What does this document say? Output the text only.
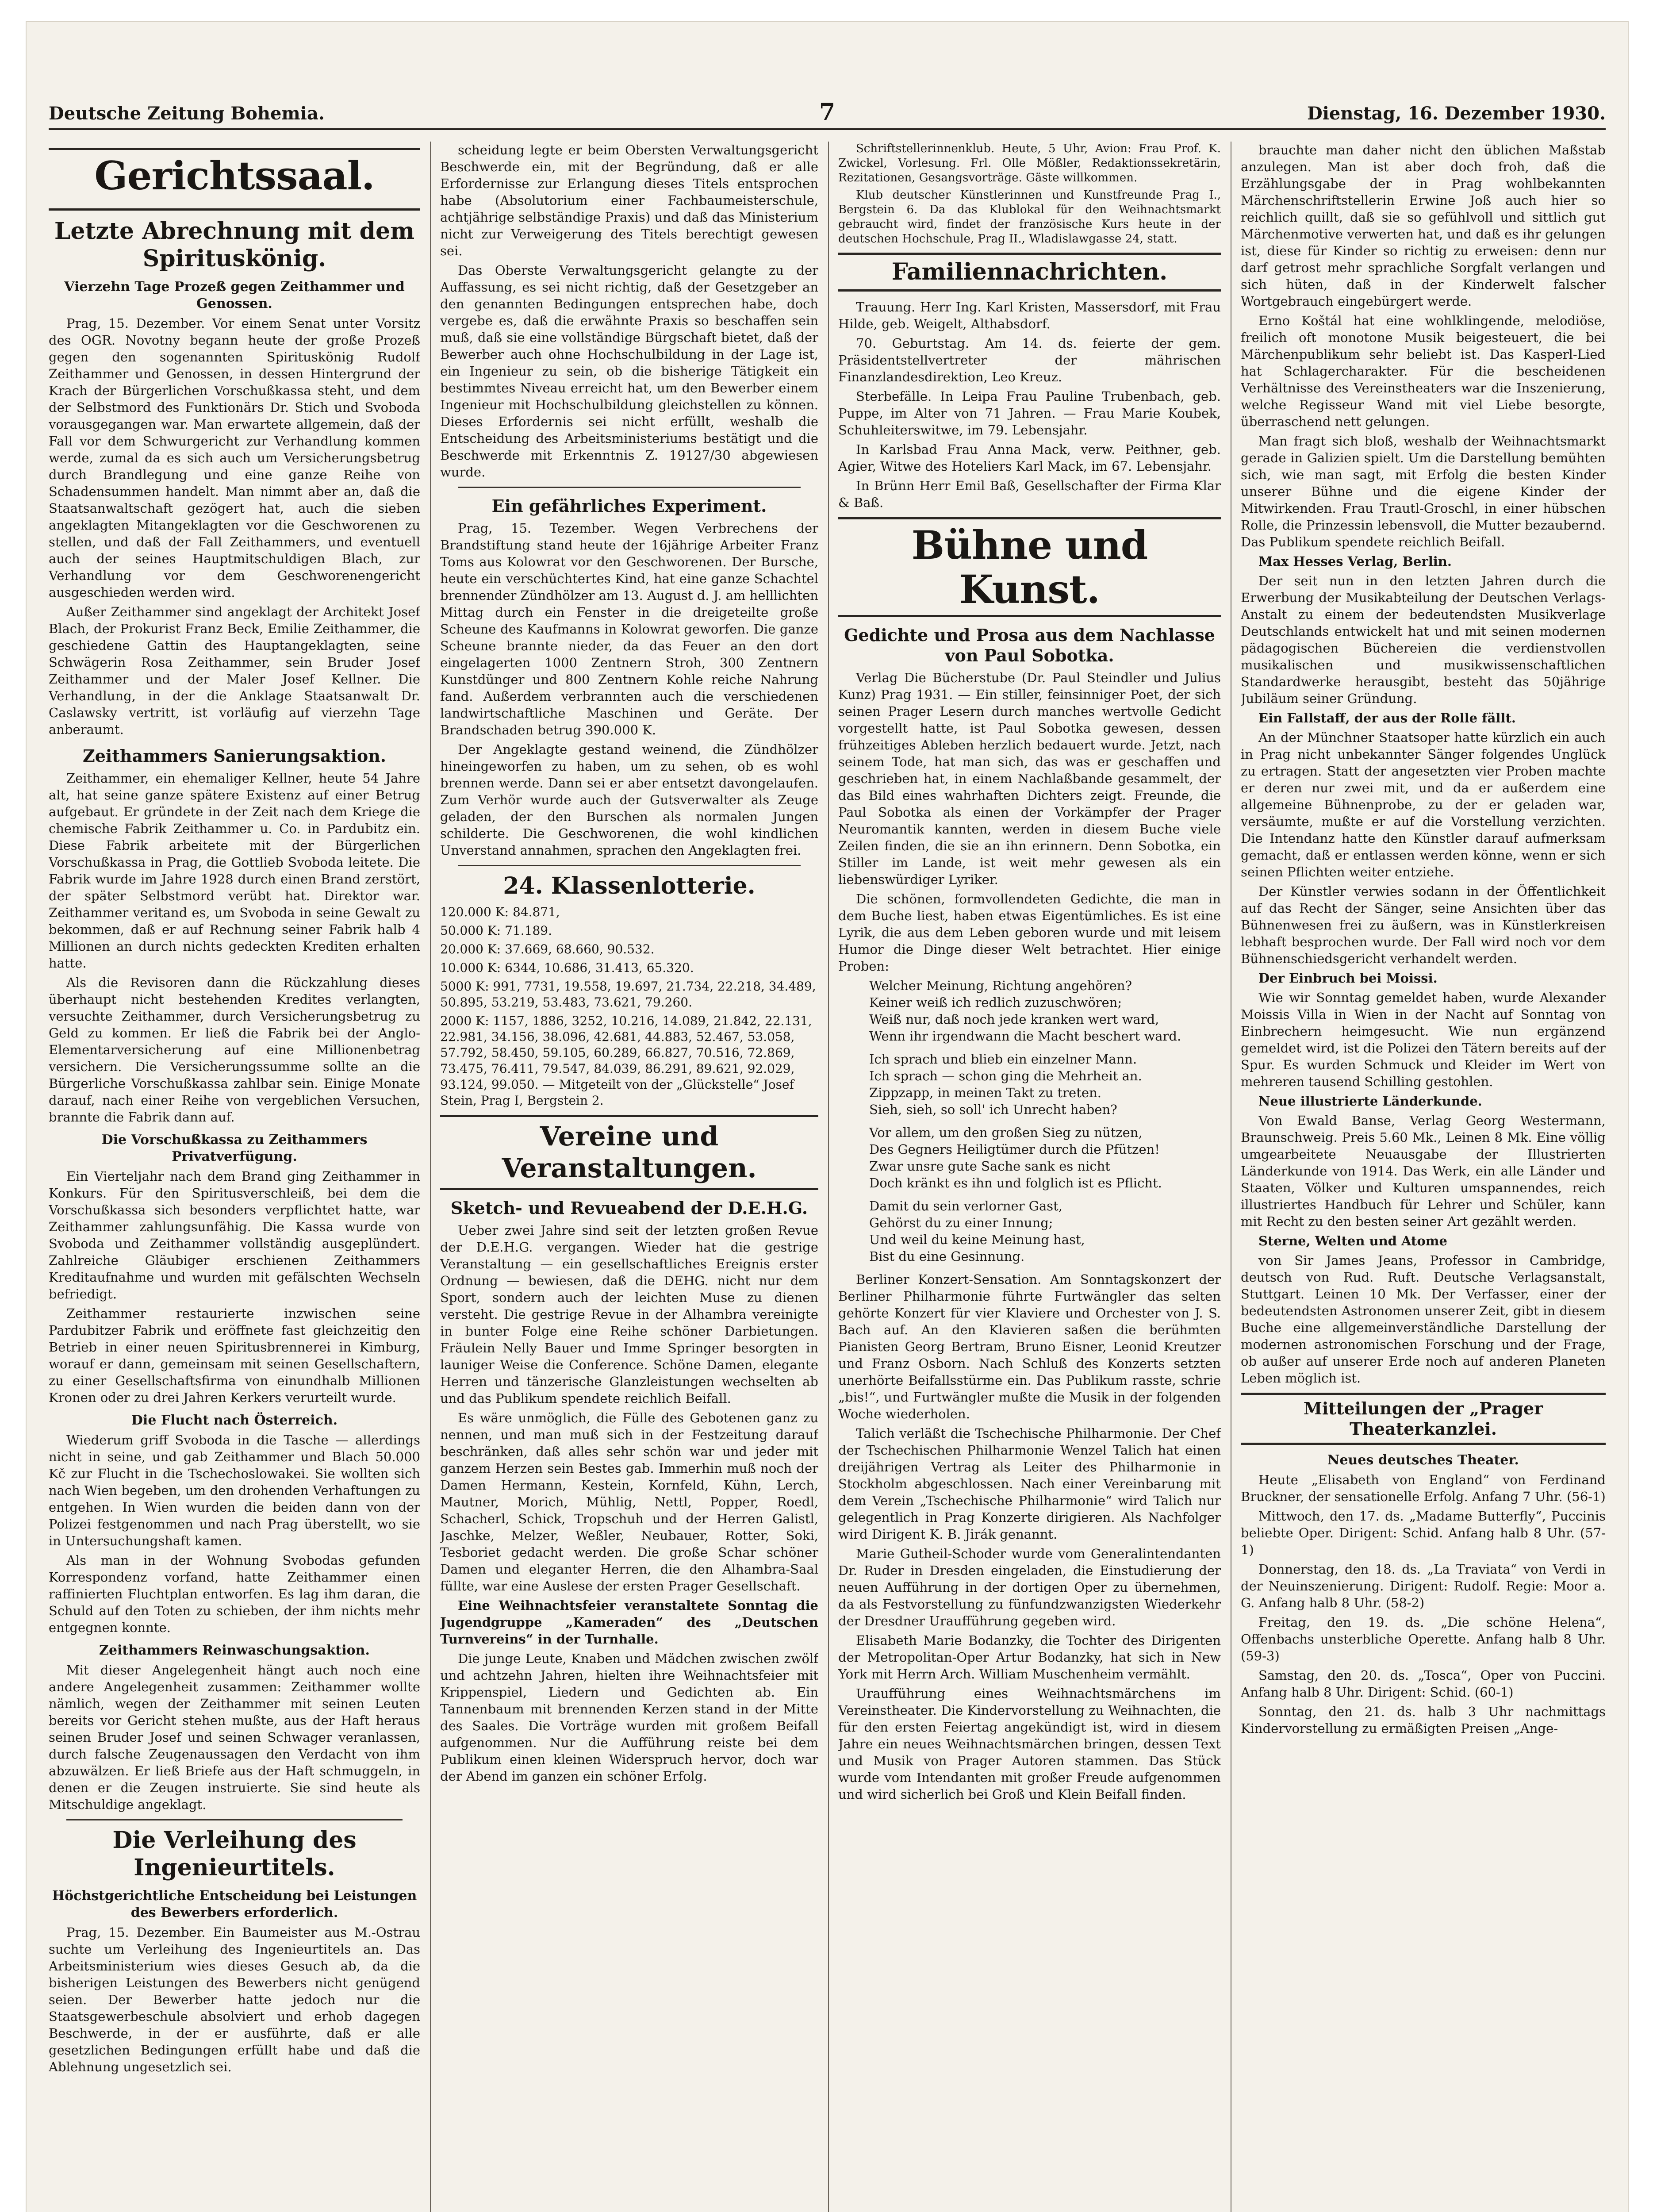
Deutsche Zeitung Bohemia.	7	Dienstag, 16. Dezember 1930.
Gerichtssaal.
Letzte Abrechnung mit dem Spirituskönig.
Vierzehn Tage Prozeß gegen Zeithammer und Genossen.

Prag, 15. Dezember. Vor einem Senat unter Vorsitz des OGR. Novotny begann heute der große Prozeß gegen den sogenannten Spirituskönig Rudolf Zeithammer und Genossen, in dessen Hintergrund der Krach der Bürgerlichen Vorschußkassa steht, und dem der Selbstmord des Funktionärs Dr. Stich und Svoboda vorausgegangen war. Man erwartete allgemein, daß der Fall vor dem Schwurgericht zur Verhandlung kommen werde, zumal da es sich auch um Versicherungsbetrug durch Brandlegung und eine ganze Reihe von Schadensummen handelt. Man nimmt aber an, daß die Staatsanwaltschaft gezögert hat, auch die sieben angeklagten Mitangeklagten vor die Geschworenen zu stellen, und daß der Fall Zeithammers, und eventuell auch der seines Hauptmitschuldigen Blach, zur Verhandlung vor dem Geschworenengericht ausgeschieden werden wird.

Außer Zeithammer sind angeklagt der Architekt Josef Blach, der Prokurist Franz Beck, Emilie Zeithammer, die geschiedene Gattin des Hauptangeklagten, seine Schwägerin Rosa Zeithammer, sein Bruder Josef Zeithammer und der Maler Josef Kellner. Die Verhandlung, in der die Anklage Staatsanwalt Dr. Caslawsky vertritt, ist vorläufig auf vierzehn Tage anberaumt.

Zeithammers Sanierungsaktion.

Zeithammer, ein ehemaliger Kellner, heute 54 Jahre alt, hat seine ganze spätere Existenz auf einer Betrug aufgebaut. Er gründete in der Zeit nach dem Kriege die chemische Fabrik Zeithammer u. Co. in Pardubitz ein. Diese Fabrik arbeitete mit der Bürgerlichen Vorschußkassa in Prag, die Gottlieb Svoboda leitete. Die Fabrik wurde im Jahre 1928 durch einen Brand zerstört, der später Selbstmord verübt hat. Direktor war. Zeithammer veritand es, um Svoboda in seine Gewalt zu bekommen, daß er auf Rechnung seiner Fabrik halb 4 Millionen an durch nichts gedeckten Krediten erhalten hatte.

Als die Revisoren dann die Rückzahlung dieses überhaupt nicht bestehenden Kredites verlangten, versuchte Zeithammer, durch Versicherungsbetrug zu Geld zu kommen. Er ließ die Fabrik bei der Anglo-Elementarversicherung auf eine Millionenbetrag versichern. Die Versicherungssumme sollte an die Bürgerliche Vorschußkassa zahlbar sein. Einige Monate darauf, nach einer Reihe von vergeblichen Versuchen, brannte die Fabrik dann auf.

Die Vorschußkassa zu Zeithammers Privatverfügung.

Ein Vierteljahr nach dem Brand ging Zeithammer in Konkurs. Für den Spiritusverschleiß, bei dem die Vorschußkassa sich besonders verpflichtet hatte, war Zeithammer zahlungsunfähig. Die Kassa wurde von Svoboda und Zeithammer vollständig ausgeplündert. Zahlreiche Gläubiger erschienen Zeithammers Kreditaufnahme und wurden mit gefälschten Wechseln befriedigt.

Zeithammer restaurierte inzwischen seine Pardubitzer Fabrik und eröffnete fast gleichzeitig den Betrieb in einer neuen Spiritusbrennerei in Kimburg, worauf er dann, gemeinsam mit seinen Gesellschaftern, zu einer Gesellschaftsfirma von einundhalb Millionen Kronen oder zu drei Jahren Kerkers verurteilt wurde.

Die Flucht nach Österreich.

Wiederum griff Svoboda in die Tasche — allerdings nicht in seine, und gab Zeithammer und Blach 50.000 Kč zur Flucht in die Tschechoslowakei. Sie wollten sich nach Wien begeben, um den drohenden Verhaftungen zu entgehen. In Wien wurden die beiden dann von der Polizei festgenommen und nach Prag überstellt, wo sie in Untersuchungshaft kamen.

Als man in der Wohnung Svobodas gefunden Korrespondenz vorfand, hatte Zeithammer einen raffinierten Fluchtplan entworfen. Es lag ihm daran, die Schuld auf den Toten zu schieben, der ihm nichts mehr entgegnen konnte.

Zeithammers Reinwaschungsaktion.

Mit dieser Angelegenheit hängt auch noch eine andere Angelegenheit zusammen: Zeithammer wollte nämlich, wegen der Zeithammer mit seinen Leuten bereits vor Gericht stehen mußte, aus der Haft heraus seinen Bruder Josef und seinen Schwager veranlassen, durch falsche Zeugenaussagen den Verdacht von ihm abzuwälzen. Er ließ Briefe aus der Haft schmuggeln, in denen er die Zeugen instruierte. Sie sind heute als Mitschuldige angeklagt.

Die Verleihung des Ingenieurtitels.
Höchstgerichtliche Entscheidung bei Leistungen des Bewerbers erforderlich.

Prag, 15. Dezember. Ein Baumeister aus M.-Ostrau suchte um Verleihung des Ingenieurtitels an. Das Arbeitsministerium wies dieses Gesuch ab, da die bisherigen Leistungen des Bewerbers nicht genügend seien. Der Bewerber hatte jedoch nur die Staatsgewerbeschule absolviert und erhob dagegen Beschwerde, in der er ausführte, daß er alle gesetzlichen Bedingungen erfüllt habe und daß die Ablehnung ungesetzlich sei.

scheidung legte er beim Obersten Verwaltungsgericht Beschwerde ein, mit der Begründung, daß er alle Erfordernisse zur Erlangung dieses Titels entsprochen habe (Absolutorium einer Fachbaumeisterschule, achtjährige selbständige Praxis) und daß das Ministerium nicht zur Verweigerung des Titels berechtigt gewesen sei.

Das Oberste Verwaltungsgericht gelangte zu der Auffassung, es sei nicht richtig, daß der Gesetzgeber an den genannten Bedingungen entsprechen habe, doch vergebe es, daß die erwähnte Praxis so beschaffen sein muß, daß sie eine vollständige Bürgschaft bietet, daß der Bewerber auch ohne Hochschulbildung in der Lage ist, ein Ingenieur zu sein, ob die bisherige Tätigkeit ein bestimmtes Niveau erreicht hat, um den Bewerber einem Ingenieur mit Hochschulbildung gleichstellen zu können. Dieses Erfordernis sei nicht erfüllt, weshalb die Entscheidung des Arbeitsministeriums bestätigt und die Beschwerde mit Erkenntnis Z. 19127/30 abgewiesen wurde.

Ein gefährliches Experiment.

Prag, 15. Tezember. Wegen Verbrechens der Brandstiftung stand heute der 16jährige Arbeiter Franz Toms aus Kolowrat vor den Geschworenen. Der Bursche, heute ein verschüchtertes Kind, hat eine ganze Schachtel brennender Zündhölzer am 13. August d. J. am helllichten Mittag durch ein Fenster in die dreigeteilte große Scheune des Kaufmanns in Kolowrat geworfen. Die ganze Scheune brannte nieder, da das Feuer an den dort eingelagerten 1000 Zentnern Stroh, 300 Zentnern Kunstdünger und 800 Zentnern Kohle reiche Nahrung fand. Außerdem verbrannten auch die verschiedenen landwirtschaftliche Maschinen und Geräte. Der Brandschaden betrug 390.000 K.

Der Angeklagte gestand weinend, die Zündhölzer hineingeworfen zu haben, um zu sehen, ob es wohl brennen werde. Dann sei er aber entsetzt davongelaufen. Zum Verhör wurde auch der Gutsverwalter als Zeuge geladen, der den Burschen als normalen Jungen schilderte. Die Geschworenen, die wohl kindlichen Unverstand annahmen, sprachen den Angeklagten frei.

24. Klassenlotterie.

120.000 K: 84.871,

50.000 K: 71.189.

20.000 K: 37.669, 68.660, 90.532.

10.000 K: 6344, 10.686, 31.413, 65.320.

5000 K: 991, 7731, 19.558, 19.697, 21.734, 22.218, 34.489, 50.895, 53.219, 53.483, 73.621, 79.260.

2000 K: 1157, 1886, 3252, 10.216, 14.089, 21.842, 22.131, 22.981, 34.156, 38.096, 42.681, 44.883, 52.467, 53.058, 57.792, 58.450, 59.105, 60.289, 66.827, 70.516, 72.869, 73.475, 76.411, 79.547, 84.039, 86.291, 89.621, 92.029, 93.124, 99.050. — Mitgeteilt von der „Glückstelle“ Josef Stein, Prag I, Bergstein 2.

Vereine und Veranstaltungen.
Sketch- und Revueabend der D.E.H.G.

Ueber zwei Jahre sind seit der letzten großen Revue der D.E.H.G. vergangen. Wieder hat die gestrige Veranstaltung — ein gesellschaftliches Ereignis erster Ordnung — bewiesen, daß die DEHG. nicht nur dem Sport, sondern auch der leichten Muse zu dienen versteht. Die gestrige Revue in der Alhambra vereinigte in bunter Folge eine Reihe schöner Darbietungen. Fräulein Nelly Bauer und Imme Springer besorgten in launiger Weise die Conference. Schöne Damen, elegante Herren und tänzerische Glanzleistungen wechselten ab und das Publikum spendete reichlich Beifall.

Es wäre unmöglich, die Fülle des Gebotenen ganz zu nennen, und man muß sich in der Festzeitung darauf beschränken, daß alles sehr schön war und jeder mit ganzem Herzen sein Bestes gab. Immerhin muß noch der Damen Hermann, Kestein, Kornfeld, Kühn, Lerch, Mautner, Morich, Mühlig, Nettl, Popper, Roedl, Schacherl, Schick, Tropschuh und der Herren Galistl, Jaschke, Melzer, Weßler, Neubauer, Rotter, Soki, Tesboriet gedacht werden. Die große Schar schöner Damen und eleganter Herren, die den Alhambra-Saal füllte, war eine Auslese der ersten Prager Gesellschaft.

Eine Weihnachtsfeier veranstaltete Sonntag die Jugendgruppe „Kameraden“ des „Deutschen Turnvereins“ in der Turnhalle.

Die junge Leute, Knaben und Mädchen zwischen zwölf und achtzehn Jahren, hielten ihre Weihnachtsfeier mit Krippenspiel, Liedern und Gedichten ab. Ein Tannenbaum mit brennenden Kerzen stand in der Mitte des Saales. Die Vorträge wurden mit großem Beifall aufgenommen. Nur die Aufführung reiste bei dem Publikum einen kleinen Widerspruch hervor, doch war der Abend im ganzen ein schöner Erfolg.

Schriftstellerinnenklub. Heute, 5 Uhr, Avion: Frau Prof. K. Zwickel, Vorlesung. Frl. Olle Mößler, Redaktionssekretärin, Rezitationen, Gesangsvorträge. Gäste willkommen.

Klub deutscher Künstlerinnen und Kunstfreunde Prag I., Bergstein 6. Da das Klublokal für den Weihnachtsmarkt gebraucht wird, findet der französische Kurs heute in der deutschen Hochschule, Prag II., Wladislawgasse 24, statt.

Familiennachrichten.

Trauung. Herr Ing. Karl Kristen, Massersdorf, mit Frau Hilde, geb. Weigelt, Althabsdorf.

70. Geburtstag. Am 14. ds. feierte der gem. Präsidentstellvertreter der mährischen Finanzlandesdirektion, Leo Kreuz.

Sterbefälle. In Leipa Frau Pauline Trubenbach, geb. Puppe, im Alter von 71 Jahren. — Frau Marie Koubek, Schuhleiterswitwe, im 79. Lebensjahr.

In Karlsbad Frau Anna Mack, verw. Peithner, geb. Agier, Witwe des Hoteliers Karl Mack, im 67. Lebensjahr.

In Brünn Herr Emil Baß, Gesellschafter der Firma Klar & Baß.

Bühne und Kunst.
Gedichte und Prosa aus dem Nachlasse von Paul Sobotka.

Verlag Die Bücherstube (Dr. Paul Steindler und Julius Kunz) Prag 1931. — Ein stiller, feinsinniger Poet, der sich seinen Prager Lesern durch manches wertvolle Gedicht vorgestellt hatte, ist Paul Sobotka gewesen, dessen frühzeitiges Ableben herzlich bedauert wurde. Jetzt, nach seinem Tode, hat man sich, das was er geschaffen und geschrieben hat, in einem Nachlaßbande gesammelt, der das Bild eines wahrhaften Dichters zeigt. Freunde, die Paul Sobotka als einen der Vorkämpfer der Prager Neuromantik kannten, werden in diesem Buche viele Zeilen finden, die sie an ihn erinnern. Denn Sobotka, ein Stiller im Lande, ist weit mehr gewesen als ein liebenswürdiger Lyriker.

Die schönen, formvollendeten Gedichte, die man in dem Buche liest, haben etwas Eigentümliches. Es ist eine Lyrik, die aus dem Leben geboren wurde und mit leisem Humor die Dinge dieser Welt betrachtet. Hier einige Proben:

Welcher Meinung, Richtung angehören?

Keiner weiß ich redlich zuzuschwören;

Weiß nur, daß noch jede kranken wert ward,

Wenn ihr irgendwann die Macht beschert ward.

Ich sprach und blieb ein einzelner Mann.

Ich sprach — schon ging die Mehrheit an.

Zippzapp, in meinen Takt zu treten.

Sieh, sieh, so soll' ich Unrecht haben?

Vor allem, um den großen Sieg zu nützen,

Des Gegners Heiligtümer durch die Pfützen!

Zwar unsre gute Sache sank es nicht

Doch kränkt es ihn und folglich ist es Pflicht.

Damit du sein verlorner Gast,

Gehörst du zu einer Innung;

Und weil du keine Meinung hast,

Bist du eine Gesinnung.

Berliner Konzert-Sensation. Am Sonntagskonzert der Berliner Philharmonie führte Furtwängler das selten gehörte Konzert für vier Klaviere und Orchester von J. S. Bach auf. An den Klavieren saßen die berühmten Pianisten Georg Bertram, Bruno Eisner, Leonid Kreutzer und Franz Osborn. Nach Schluß des Konzerts setzten unerhörte Beifallsstürme ein. Das Publikum rasste, schrie „bis!“, und Furtwängler mußte die Musik in der folgenden Woche wiederholen.

Talich verläßt die Tschechische Philharmonie. Der Chef der Tschechischen Philharmonie Wenzel Talich hat einen dreijährigen Vertrag als Leiter des Philharmonie in Stockholm abgeschlossen. Nach einer Vereinbarung mit dem Verein „Tschechische Philharmonie“ wird Talich nur gelegentlich in Prag Konzerte dirigieren. Als Nachfolger wird Dirigent K. B. Jirák genannt.

Marie Gutheil-Schoder wurde vom Generalintendanten Dr. Ruder in Dresden eingeladen, die Einstudierung der neuen Aufführung in der dortigen Oper zu übernehmen, da als Festvorstellung zu fünfundzwanzigsten Wiederkehr der Dresdner Uraufführung gegeben wird.

Elisabeth Marie Bodanzky, die Tochter des Dirigenten der Metropolitan-Oper Artur Bodanzky, hat sich in New York mit Herrn Arch. William Muschenheim vermählt.

Uraufführung eines Weihnachtsmärchens im Vereinstheater. Die Kindervorstellung zu Weihnachten, die für den ersten Feiertag angekündigt ist, wird in diesem Jahre ein neues Weihnachtsmärchen bringen, dessen Text und Musik von Prager Autoren stammen. Das Stück wurde vom Intendanten mit großer Freude aufgenommen und wird sicherlich bei Groß und Klein Beifall finden.

brauchte man daher nicht den üblichen Maßstab anzulegen. Man ist aber doch froh, daß die Erzählungsgabe der in Prag wohlbekannten Märchenschriftstellerin Erwine Joß auch hier so reichlich quillt, daß sie so gefühlvoll und sittlich gut Märchenmotive verwerten hat, und daß es ihr gelungen ist, diese für Kinder so richtig zu erweisen: denn nur darf getrost mehr sprachliche Sorgfalt verlangen und sich hüten, daß in der Kinderwelt falscher Wortgebrauch eingebürgert werde.

Erno Koštál hat eine wohlklingende, melodiöse, freilich oft monotone Musik beigesteuert, die bei Märchenpublikum sehr beliebt ist. Das Kasperl-Lied hat Schlagercharakter. Für die bescheidenen Verhältnisse des Vereinstheaters war die Inszenierung, welche Regisseur Wand mit viel Liebe besorgte, überraschend nett gelungen.

Man fragt sich bloß, weshalb der Weihnachtsmarkt gerade in Galizien spielt. Um die Darstellung bemühten sich, wie man sagt, mit Erfolg die besten Kinder unserer Bühne und die eigene Kinder der Mitwirkenden. Frau Trautl-Groschl, in einer hübschen Rolle, die Prinzessin lebensvoll, die Mutter bezaubernd. Das Publikum spendete reichlich Beifall.

Max Hesses Verlag, Berlin.

Der seit nun in den letzten Jahren durch die Erwerbung der Musikabteilung der Deutschen Verlags-Anstalt zu einem der bedeutendsten Musikverlage Deutschlands entwickelt hat und mit seinen modernen pädagogischen Büchereien die verdienstvollen musikalischen und musikwissenschaftlichen Standardwerke herausgibt, besteht das 50jährige Jubiläum seiner Gründung.

Ein Fallstaff, der aus der Rolle fällt.

An der Münchner Staatsoper hatte kürzlich ein auch in Prag nicht unbekannter Sänger folgendes Unglück zu ertragen. Statt der angesetzten vier Proben machte er deren nur zwei mit, und da er außerdem eine allgemeine Bühnenprobe, zu der er geladen war, versäumte, mußte er auf die Vorstellung verzichten. Die Intendanz hatte den Künstler darauf aufmerksam gemacht, daß er entlassen werden könne, wenn er sich seinen Pflichten weiter entziehe.

Der Künstler verwies sodann in der Öffentlichkeit auf das Recht der Sänger, seine Ansichten über das Bühnenwesen frei zu äußern, was in Künstlerkreisen lebhaft besprochen wurde. Der Fall wird noch vor dem Bühnenschiedsgericht verhandelt werden.

Der Einbruch bei Moissi.

Wie wir Sonntag gemeldet haben, wurde Alexander Moissis Villa in Wien in der Nacht auf Sonntag von Einbrechern heimgesucht. Wie nun ergänzend gemeldet wird, ist die Polizei den Tätern bereits auf der Spur. Es wurden Schmuck und Kleider im Wert von mehreren tausend Schilling gestohlen.

Neue illustrierte Länderkunde.

Von Ewald Banse, Verlag Georg Westermann, Braunschweig. Preis 5.60 Mk., Leinen 8 Mk. Eine völlig umgearbeitete Neuausgabe der Illustrierten Länderkunde von 1914. Das Werk, ein alle Länder und Staaten, Völker und Kulturen umspannendes, reich illustriertes Handbuch für Lehrer und Schüler, kann mit Recht zu den besten seiner Art gezählt werden.

Sterne, Welten und Atome

von Sir James Jeans, Professor in Cambridge, deutsch von Rud. Ruft. Deutsche Verlagsanstalt, Stuttgart. Leinen 10 Mk. Der Verfasser, einer der bedeutendsten Astronomen unserer Zeit, gibt in diesem Buche eine allgemeinverständliche Darstellung der modernen astronomischen Forschung und der Frage, ob außer auf unserer Erde noch auf anderen Planeten Leben möglich ist.

Mitteilungen der „Prager Theaterkanzlei.
Neues deutsches Theater.

Heute „Elisabeth von England“ von Ferdinand Bruckner, der sensationelle Erfolg. Anfang 7 Uhr. (56-1)

Mittwoch, den 17. ds. „Madame Butterfly“, Puccinis beliebte Oper. Dirigent: Schid. Anfang halb 8 Uhr. (57-1)

Donnerstag, den 18. ds. „La Traviata“ von Verdi in der Neuinszenierung. Dirigent: Rudolf. Regie: Moor a. G. Anfang halb 8 Uhr. (58-2)

Freitag, den 19. ds. „Die schöne Helena“, Offenbachs unsterbliche Operette. Anfang halb 8 Uhr. (59-3)

Samstag, den 20. ds. „Tosca“, Oper von Puccini. Anfang halb 8 Uhr. Dirigent: Schid. (60-1)

Sonntag, den 21. ds. halb 3 Uhr nachmittags Kindervorstellung zu ermäßigten Preisen „Ange-
